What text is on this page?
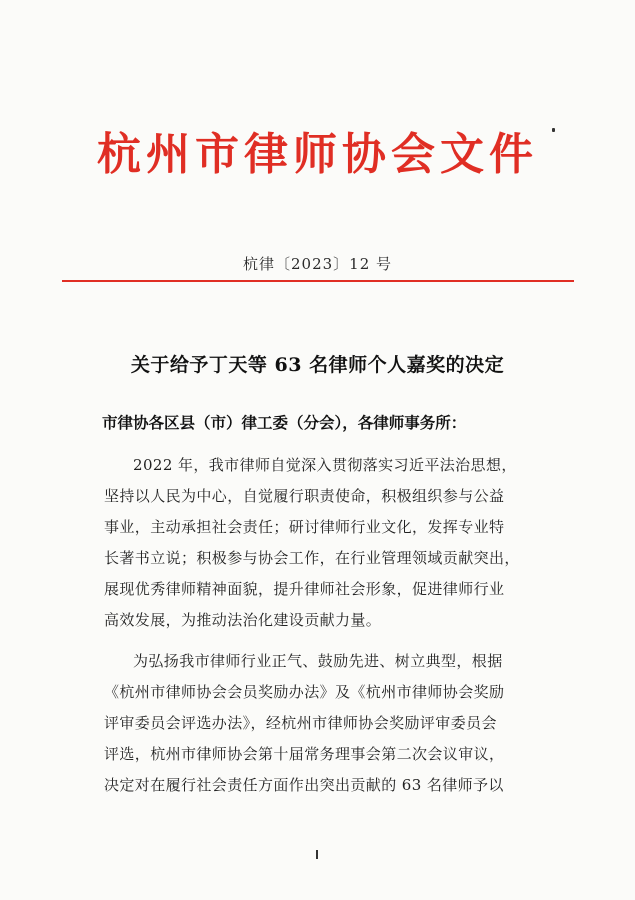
杭州市律师协会文件
杭律〔2023〕12 号
关于给予丁天等 63 名律师个人嘉奖的决定
市律协各区县（市）律工委（分会），各律师事务所：
2022 年，我市律师自觉深入贯彻落实习近平法治思想，
坚持以人民为中心，自觉履行职责使命，积极组织参与公益
事业，主动承担社会责任；研讨律师行业文化，发挥专业特
长著书立说；积极参与协会工作，在行业管理领域贡献突出，
展现优秀律师精神面貌，提升律师社会形象，促进律师行业
高效发展，为推动法治化建设贡献力量。
为弘扬我市律师行业正气、鼓励先进、树立典型，根据
《杭州市律师协会会员奖励办法》及《杭州市律师协会奖励
评审委员会评选办法》，经杭州市律师协会奖励评审委员会
评选，杭州市律师协会第十届常务理事会第二次会议审议，
决定对在履行社会责任方面作出突出贡献的 63 名律师予以
